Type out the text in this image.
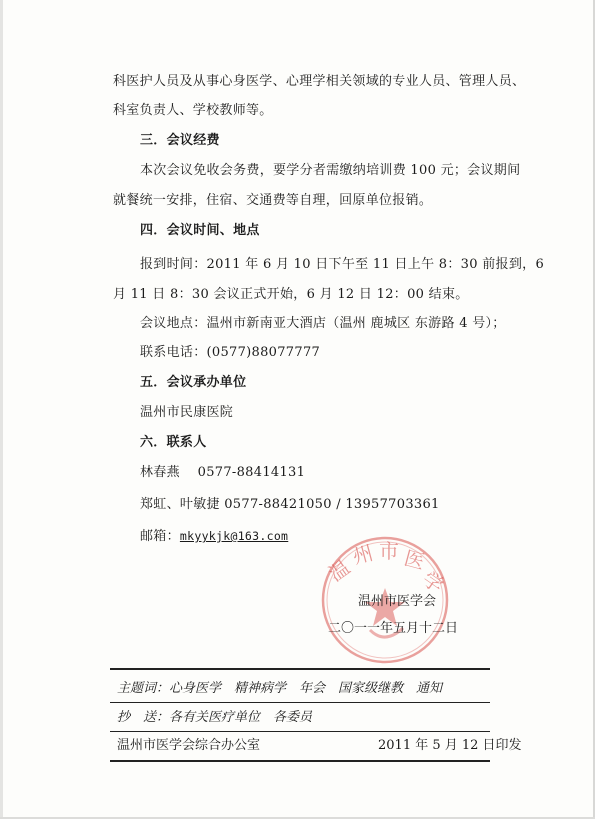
科医护人员及从事心身医学、心理学相关领域的专业人员、管理人员、
科室负责人、学校教师等。
三．会议经费
本次会议免收会务费，要学分者需缴纳培训费 100 元；会议期间
就餐统一安排，住宿、交通费等自理，回原单位报销。
四．会议时间、地点
报到时间：2011 年 6 月 10 日下午至 11 日上午 8：30 前报到，6
月 11 日 8：30 会议正式开始，6 月 12 日 12：00 结束。
会议地点：温州市新南亚大酒店（温州 鹿城区 东游路 4 号）；
联系电话：(0577)88077777
五．会议承办单位
温州市民康医院
六．联系人
林春燕　 0577-88414131
郑虹、叶敏捷 0577-88421050 / 13957703361
邮箱：mkyykjk@163.com
温
州 市 医
学
温州市医学会
二〇一一年五月十二日
主题词：心身医学　精神病学　年会　国家级继教　通知
抄　送：各有关医疗单位　各委员
温州市医学会综合办公室	2011 年 5 月 12 日印发
